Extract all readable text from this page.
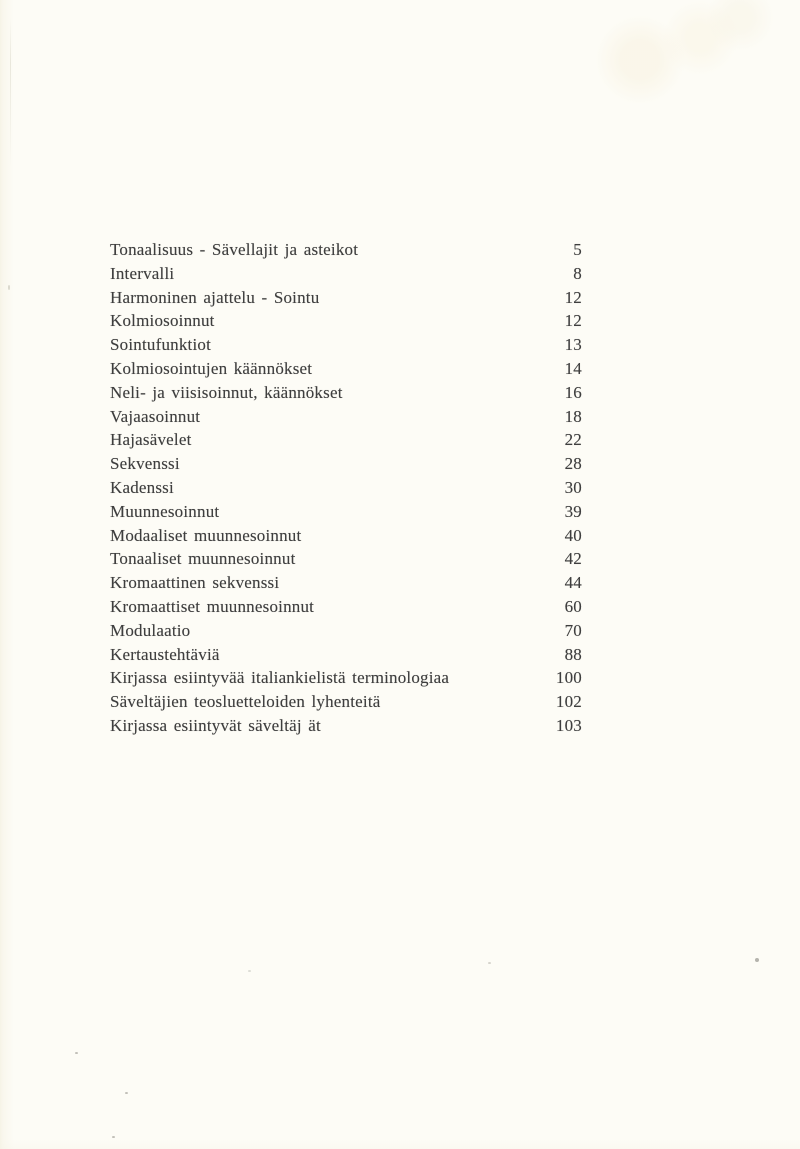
Tonaalisuus - Sävellajit ja asteikot	5
Intervalli	8
Harmoninen ajattelu - Sointu	12
Kolmiosoinnut	12
Sointufunktiot	13
Kolmiosointujen käännökset	14
Neli- ja viisisoinnut, käännökset	16
Vajaasoinnut	18
Hajasävelet	22
Sekvenssi	28
Kadenssi	30
Muunnesoinnut	39
Modaaliset muunnesoinnut	40
Tonaaliset muunnesoinnut	42
Kromaattinen sekvenssi	44
Kromaattiset muunnesoinnut	60
Modulaatio	70
Kertaustehtäviä	88
Kirjassa esiintyvää italiankielistä terminologiaa	100
Säveltäjien teosluetteloiden lyhenteitä	102
Kirjassa esiintyvät säveltäj ät	103
